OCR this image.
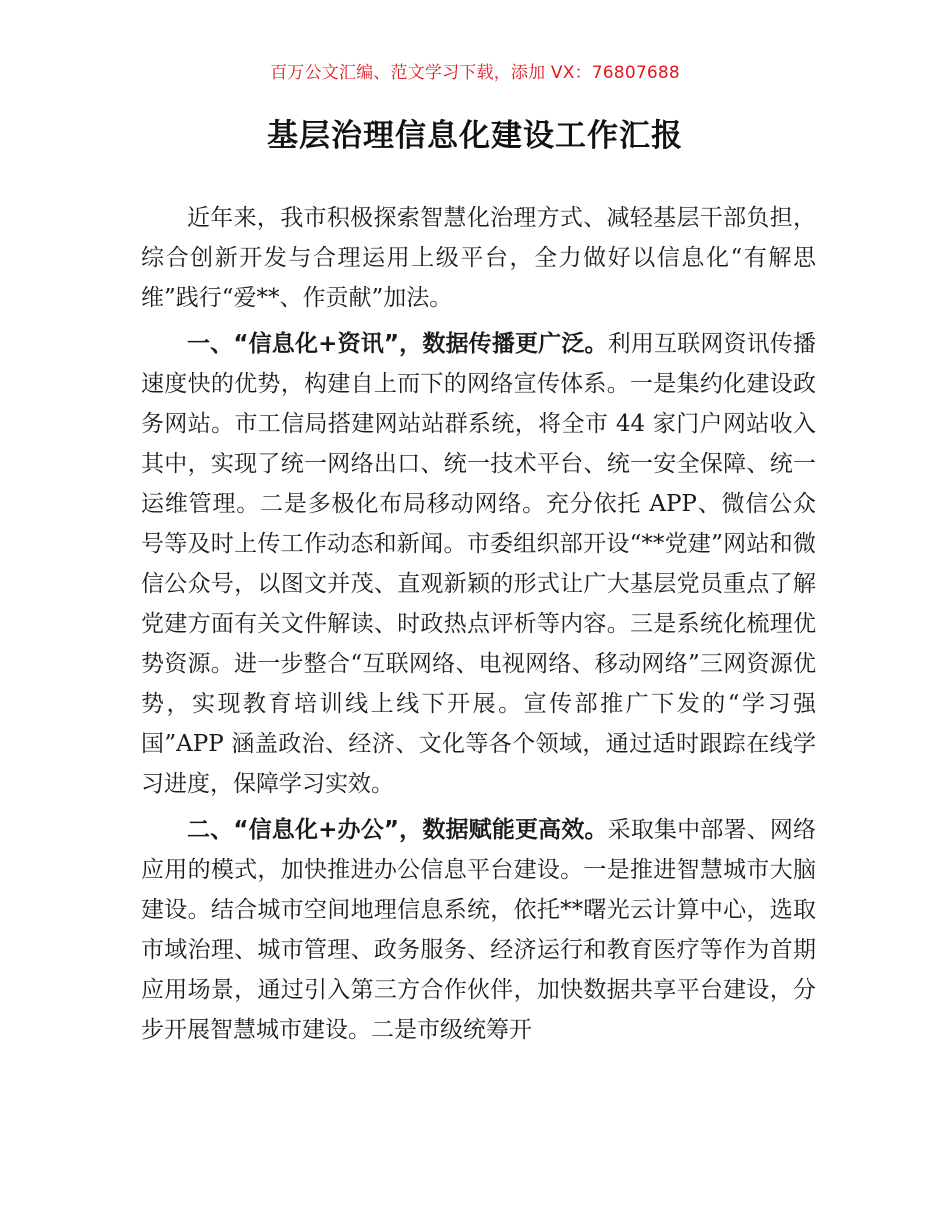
百万公文汇编、范文学习下载，添加 VX：76807688
基层治理信息化建设工作汇报

近年来，我市积极探索智慧化治理方式、减轻基层干部负担，综合创新开发与合理运用上级平台，全力做好以信息化“有解思维”践行“爱**、作贡献”加法。

一、“信息化+资讯”，数据传播更广泛。利用互联网资讯传播速度快的优势，构建自上而下的网络宣传体系。一是集约化建设政务网站。市工信局搭建网站站群系统，将全市 44 家门户网站收入其中，实现了统一网络出口、统一技术平台、统一安全保障、统一运维管理。二是多极化布局移动网络。充分依托 APP、微信公众号等及时上传工作动态和新闻。市委组织部开设“**党建”网站和微信公众号，以图文并茂、直观新颖的形式让广大基层党员重点了解党建方面有关文件解读、时政热点评析等内容。三是系统化梳理优势资源。进一步整合“互联网络、电视网络、移动网络”三网资源优势，实现教育培训线上线下开展。宣传部推广下发的“学习强国”APP 涵盖政治、经济、文化等各个领域，通过适时跟踪在线学习进度，保障学习实效。

二、“信息化+办公”，数据赋能更高效。采取集中部署、网络应用的模式，加快推进办公信息平台建设。一是推进智慧城市大脑建设。结合城市空间地理信息系统，依托**曙光云计算中心，选取市域治理、城市管理、政务服务、经济运行和教育医疗等作为首期应用场景，通过引入第三方合作伙伴，加快数据共享平台建设，分步开展智慧城市建设。二是市级统筹开
